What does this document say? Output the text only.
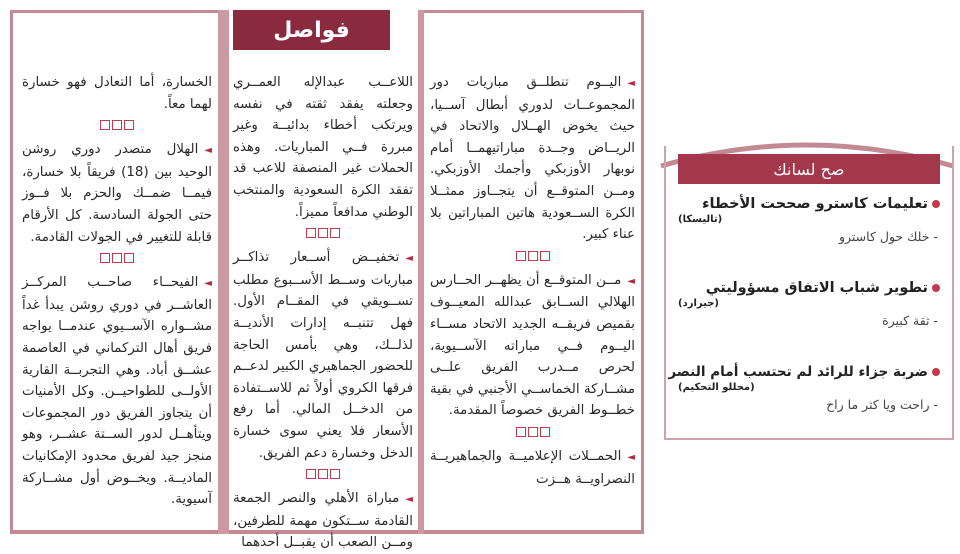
فواصل

◄اليــوم تنطلــق مباريات دور المجموعــات لدوري أبطال آســيا، حيث يخوض الهــلال والاتحاد في الريــاض وجــدة مباراتيهمــا أمام نوبهار الأوزبكي وأجمك الأوزبكي. ومــن المتوقــع أن يتجــاوز ممثــلا الكرة الســعودية هاتين المباراتين بلا عناء كبير.

◄مــن المتوقــع أن يظهــر الحــارس الهلالي الســابق عبدالله المعيــوف بقميص فريقــه الجديد الاتحاد مســاء اليــوم فــي مباراته الآســيوية، لحرص مــدرب الفريق علــى مشــاركة الخماســي الأجنبي في بقية خطــوط الفريق خصوصاً المقدمة.

◄الحمــلات الإعلاميــة والجماهيريــة النصراويــة هــزت

اللاعــب عبدالإله العمــري وجعلته يفقد ثقته في نفسه ويرتكب أخطاء بدائيــة وغير مبررة فــي المباريات. وهذه الحملات غير المنصفة للاعب قد تفقد الكرة السعودية والمنتخب الوطني مدافعاً مميزاً.

◄تخفيــض أســعار تذاكــر مباريات وســط الأســبوع مطلب تســويقي في المقــام الأول. فهل تتنبــه إدارات الأنديــة لذلــك، وهي بأمس الحاجة للحضور الجماهيري الكبير لدعــم فرقها الكروي أولاً ثم للاســتفادة من الدخــل المالي. أما رفع الأسعار فلا يعني سوى خسارة الدخل وخسارة دعم الفريق.

◄مباراة الأهلي والنصر الجمعة القادمة ســتكون مهمة للطرفين، ومــن الصعب أن يقبــل أحدهما

الخسارة، أما التعادل فهو خسارة لهما معاً.

◄الهلال متصدر دوري روشن الوحيد بين (18) فريقاً بلا خسارة، فيمــا ضمــك والحزم بلا فــوز حتى الجولة السادسة. كل الأرقام قابلة للتغيير في الجولات القادمة.

◄الفيحــاء صاحــب المركــز العاشــر في دوري روشن يبدأ غداً مشــواره الآســيوي عندمــا يواجه فريق أهال التركماني في العاصمة عشــق أباد. وهي التجربــة القارية الأولــى للطواحيــن. وكل الأمنيات أن يتجاوز الفريق دور المجموعات ويتأهــل لدور الســتة عشــر، وهو منجز جيد لفريق محدود الإمكانيات الماديــة. ويخــوض أول مشــاركة آسيوية.

صح لسانك
تعليمات كاسترو صححت الأخطاء
(تاليسكا)
- خلك حول كاسترو
تطوير شباب الاتفاق مسؤوليتي
(جيرارد)
- ثقة كبيرة
ضربة جزاء للرائد لم تحتسب أمام النصر
(محللو التحكيم)
- راحت ويا كثر ما راح
